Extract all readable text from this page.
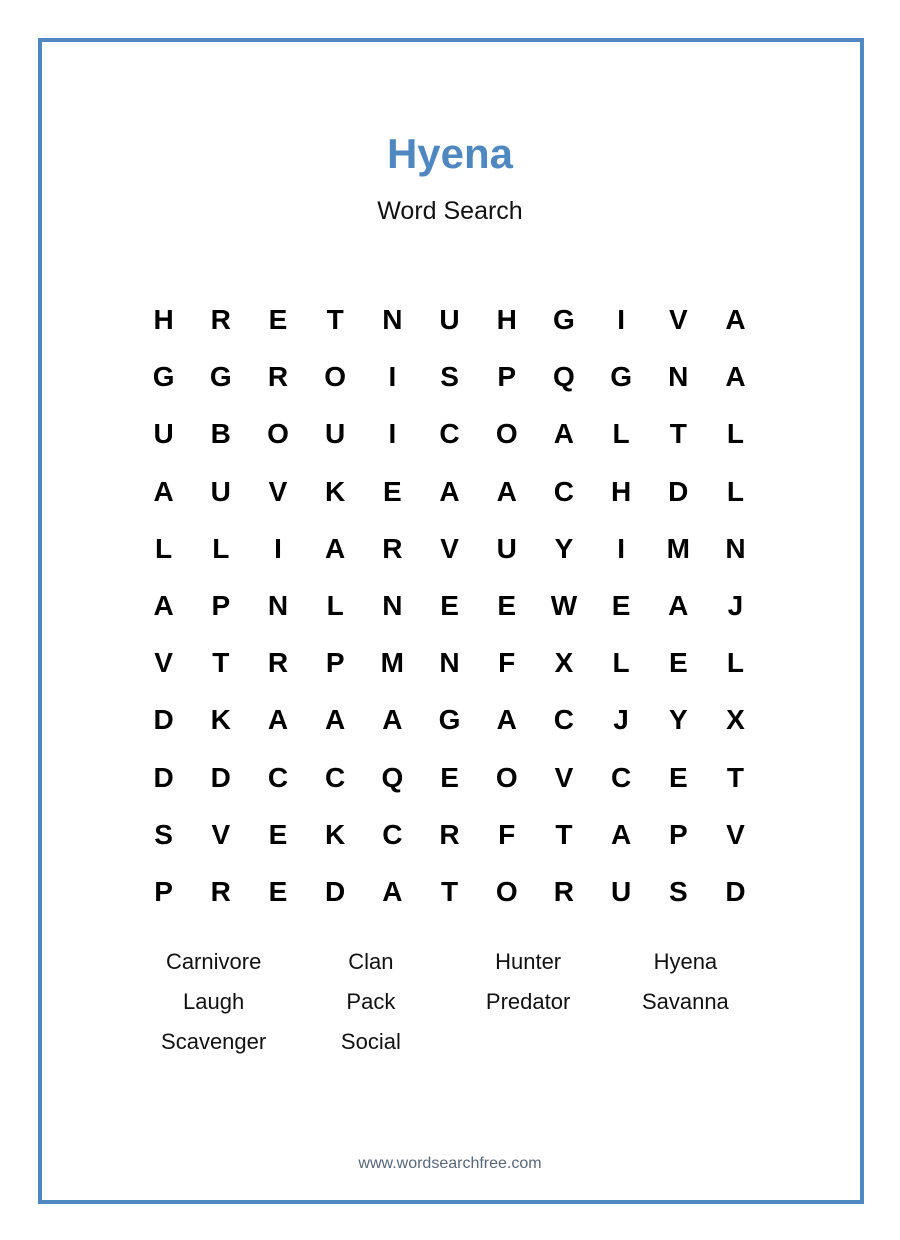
Hyena
Word Search
H	R	E	T	N	U	H	G	I	V	A
G	G	R	O	I	S	P	Q	G	N	A
U	B	O	U	I	C	O	A	L	T	L
A	U	V	K	E	A	A	C	H	D	L
L	L	I	A	R	V	U	Y	I	M	N
A	P	N	L	N	E	E	W	E	A	J
V	T	R	P	M	N	F	X	L	E	L
D	K	A	A	A	G	A	C	J	Y	X
D	D	C	C	Q	E	O	V	C	E	T
S	V	E	K	C	R	F	T	A	P	V
P	R	E	D	A	T	O	R	U	S	D
Carnivore	Clan	Hunter	Hyena
Laugh	Pack	Predator	Savanna
Scavenger	Social
www.wordsearchfree.com
